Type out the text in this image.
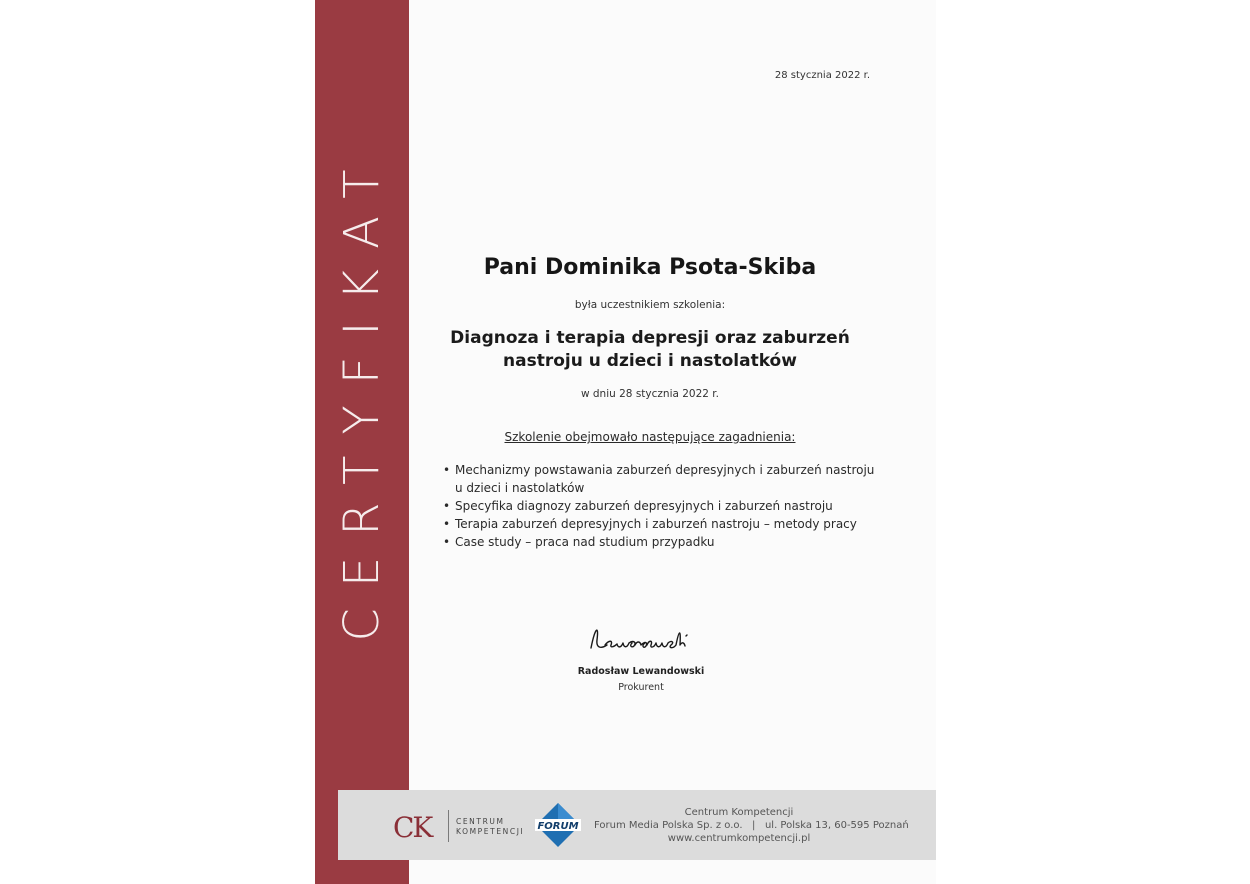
CERTYFIKAT
28 stycznia 2022 r.
Pani Dominika Psota-Skiba
była uczestnikiem szkolenia:
Diagnoza i terapia depresji oraz zaburzeń
nastroju u dzieci i nastolatków
w dniu 28 stycznia 2022 r.
Szkolenie obejmowało następujące zagadnienia:
• Mechanizmy powstawania zaburzeń depresyjnych i zaburzeń nastroju u dzieci i nastolatków
• Specyfika diagnozy zaburzeń depresyjnych i zaburzeń nastroju
• Terapia zaburzeń depresyjnych i zaburzeń nastroju – metody pracy
• Case study – praca nad studium przypadku
Radosław Lewandowski
Prokurent
CK	CENTRUM
KOMPETENCJI FORUM
Centrum Kompetencji
Forum Media Polska Sp. z o.o.   |   ul. Polska 13, 60-595 Poznań
www.centrumkompetencji.pl
